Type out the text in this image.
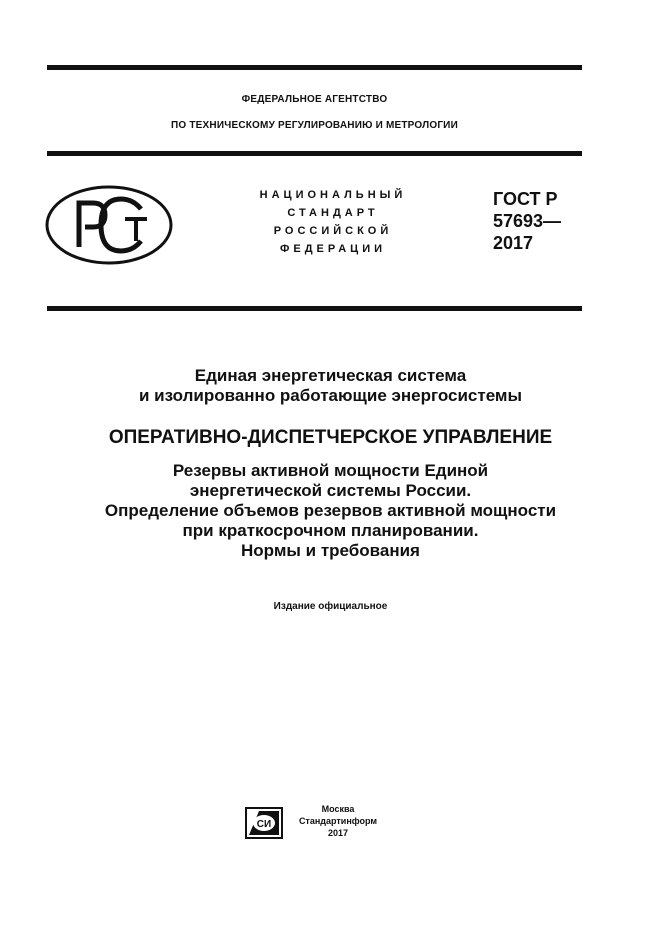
ФЕДЕРАЛЬНОЕ АГЕНТСТВО
ПО ТЕХНИЧЕСКОМУ РЕГУЛИРОВАНИЮ И МЕТРОЛОГИИ
РСТ
НАЦИОНАЛЬНЫЙ
СТАНДАРТ
РОССИЙСКОЙ
ФЕДЕРАЦИИ
ГОСТ Р
57693—
2017
Единая энергетическая система
и изолированно работающие энергосистемы
ОПЕРАТИВНО-ДИСПЕТЧЕРСКОЕ УПРАВЛЕНИЕ
Резервы активной мощности Единой
энергетической системы России.
Определение объемов резервов активной мощности
при краткосрочном планировании.
Нормы и требования
Издание официальное
СИ
Москва
Стандартинформ
2017
